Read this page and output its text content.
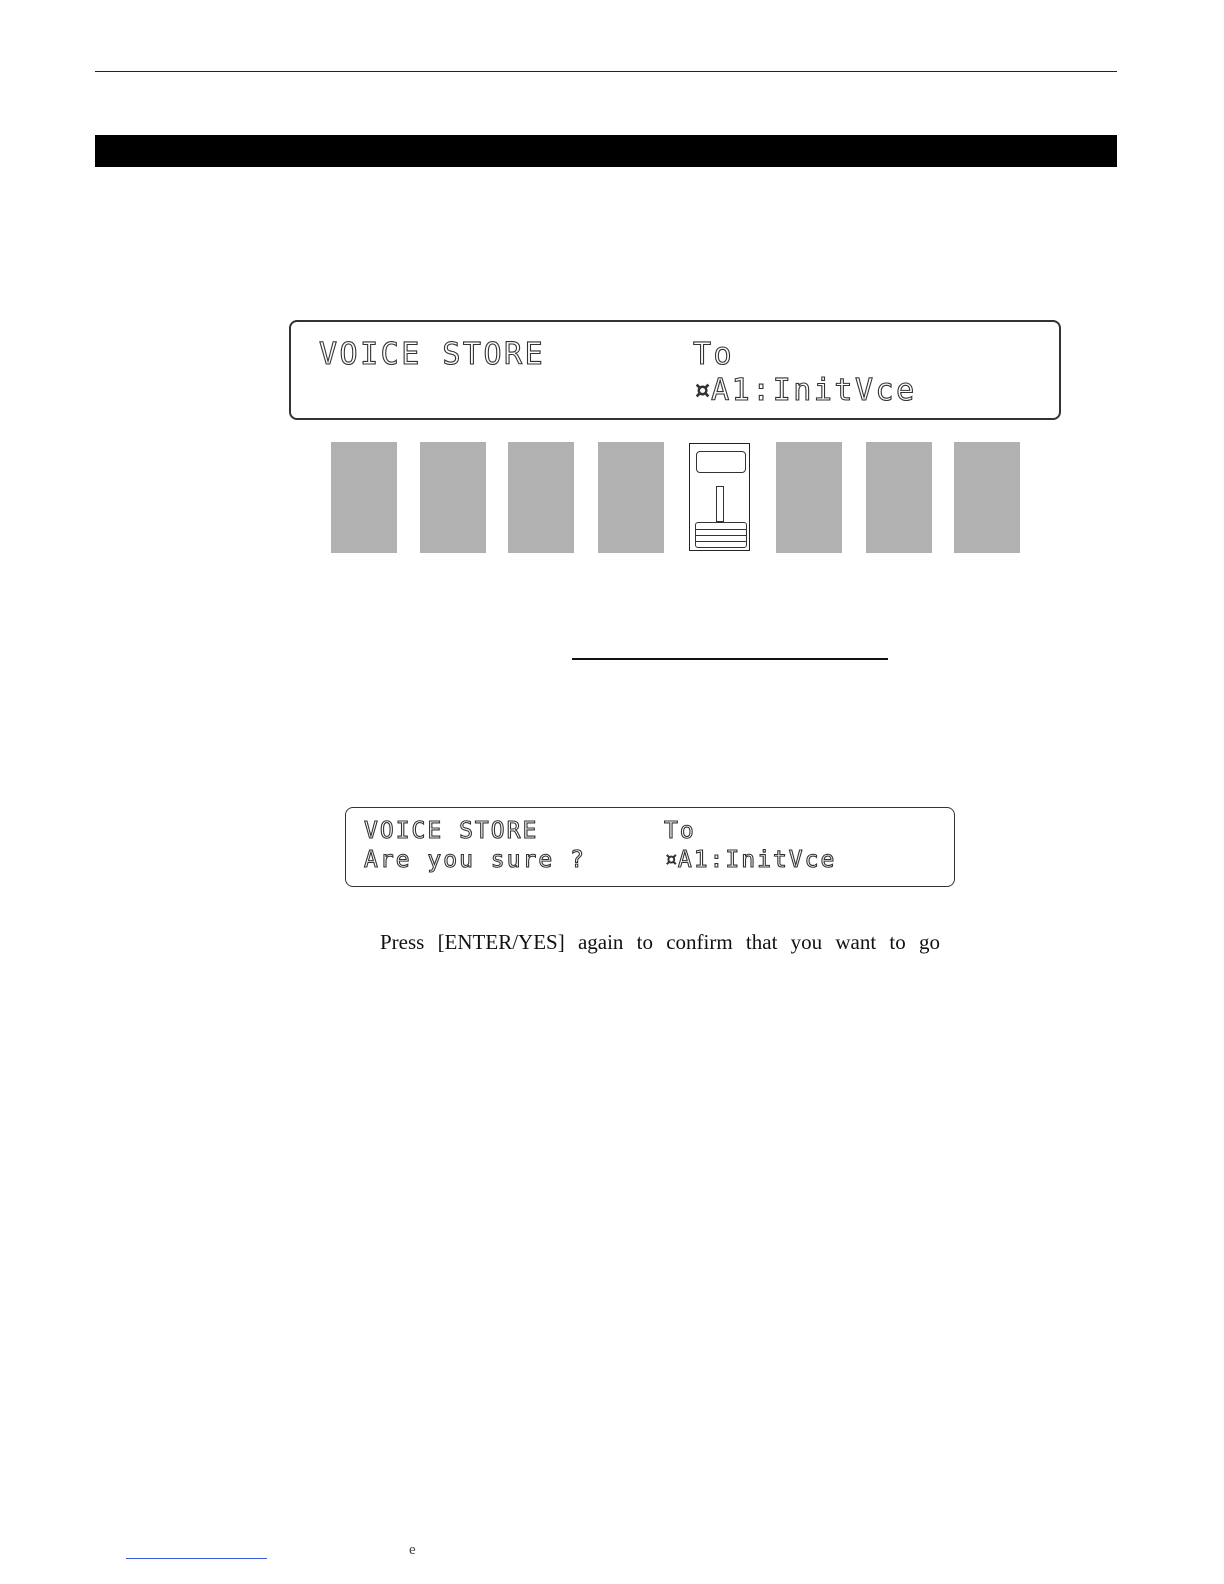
VOICE STORE	To
¤A1:InitVce
VOICE STORE	To
Are you sure ?	¤A1:InitVce
Press [ENTER/YES] again to confirm that you want to go
e
